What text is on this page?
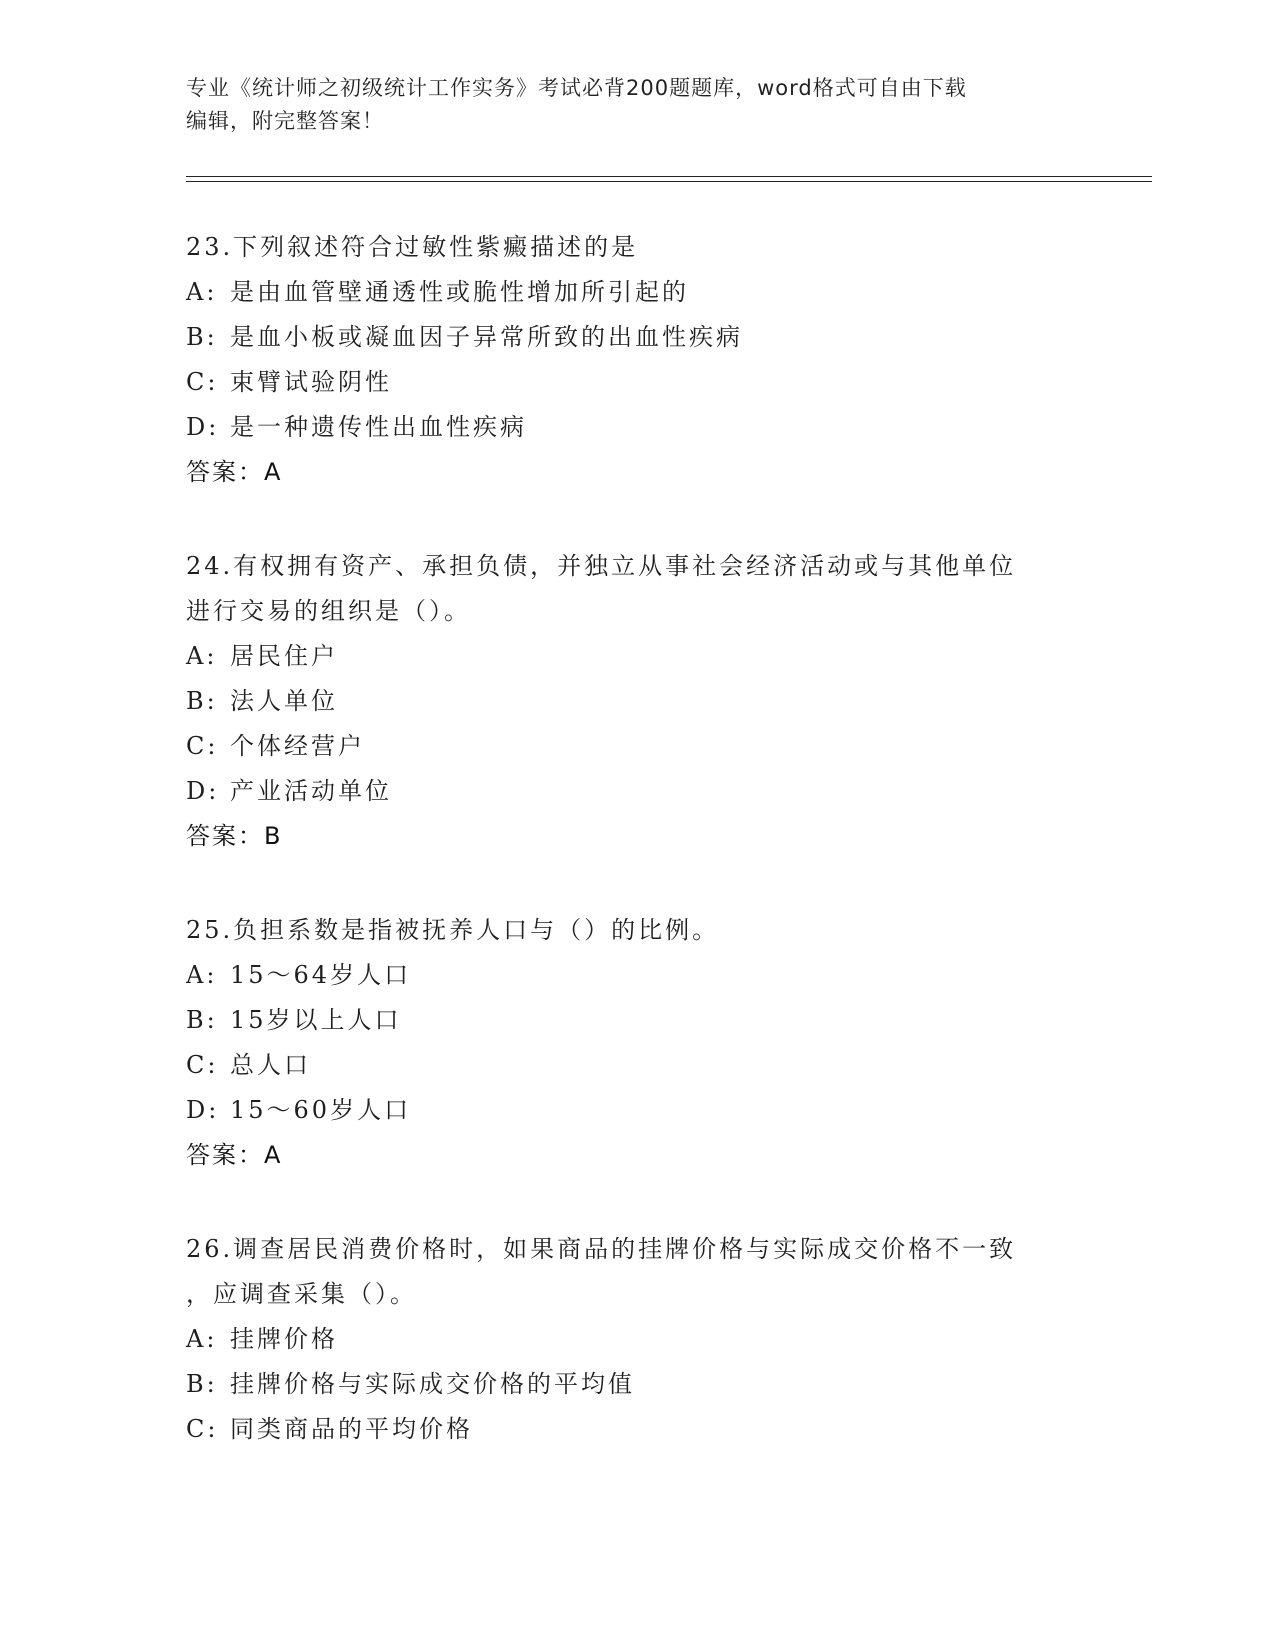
专业《统计师之初级统计工作实务》考试必背200题题库，word格式可自由下载
编辑，附完整答案！

23.下列叙述符合过敏性紫癜描述的是

A: 是由血管壁通透性或脆性增加所引起的
B: 是血小板或凝血因子异常所致的出血性疾病
C: 束臂试验阴性
D: 是一种遗传性出血性疾病
答案：A

24.有权拥有资产、承担负债，并独立从事社会经济活动或与其他单位

进行交易的组织是（）。

A: 居民住户
B: 法人单位
C: 个体经营户
D: 产业活动单位
答案：B

25.负担系数是指被抚养人口与（）的比例。

A: 15～64岁人口
B: 15岁以上人口
C: 总人口
D: 15～60岁人口
答案：A

26.调查居民消费价格时，如果商品的挂牌价格与实际成交价格不一致

，应调查采集（）。

A: 挂牌价格
B: 挂牌价格与实际成交价格的平均值
C: 同类商品的平均价格
